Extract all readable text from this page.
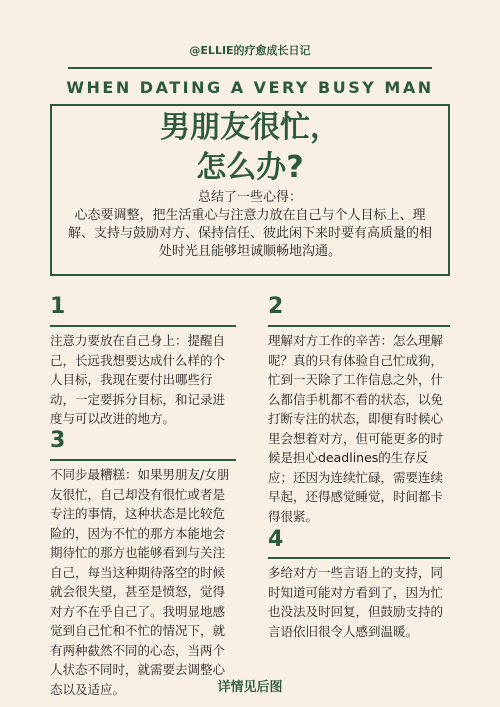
@ELLIE的疗愈成长日记
WHEN DATING A VERY BUSY MAN
男朋友很忙，
怎么办?
总结了一些心得：
心态要调整，把生活重心与注意力放在自己与个人目标上、理解、支持与鼓励对方、保持信任、彼此闲下来时要有高质量的相处时光且能够坦诚顺畅地沟通。
1
注意力要放在自己身上：提醒自己，长远我想要达成什么样的个人目标，我现在要付出哪些行动，一定要拆分目标，和记录进度与可以改进的地方。
2
理解对方工作的辛苦：怎么理解呢？真的只有体验自己忙成狗，忙到一天除了工作信息之外，什么都信手机都不看的状态，以免打断专注的状态，即便有时候心里会想着对方，但可能更多的时候是担心deadlines的生存反应；还因为连续忙碌，需要连续早起，还得感觉睡觉，时间都卡得很紧。
3
不同步最糟糕：如果男朋友/女朋友很忙，自己却没有很忙或者是专注的事情，这种状态是比较危险的，因为不忙的那方本能地会期待忙的那方也能够看到与关注自己，每当这种期待落空的时候就会很失望，甚至是愤怒，觉得对方不在乎自己了。我明显地感觉到自己忙和不忙的情况下，就有两种截然不同的心态，当两个人状态不同时，就需要去调整心态以及适应。
4
多给对方一些言语上的支持，同时知道可能对方看到了，因为忙也没法及时回复，但鼓励支持的言语依旧很令人感到温暖。
详情见后图
